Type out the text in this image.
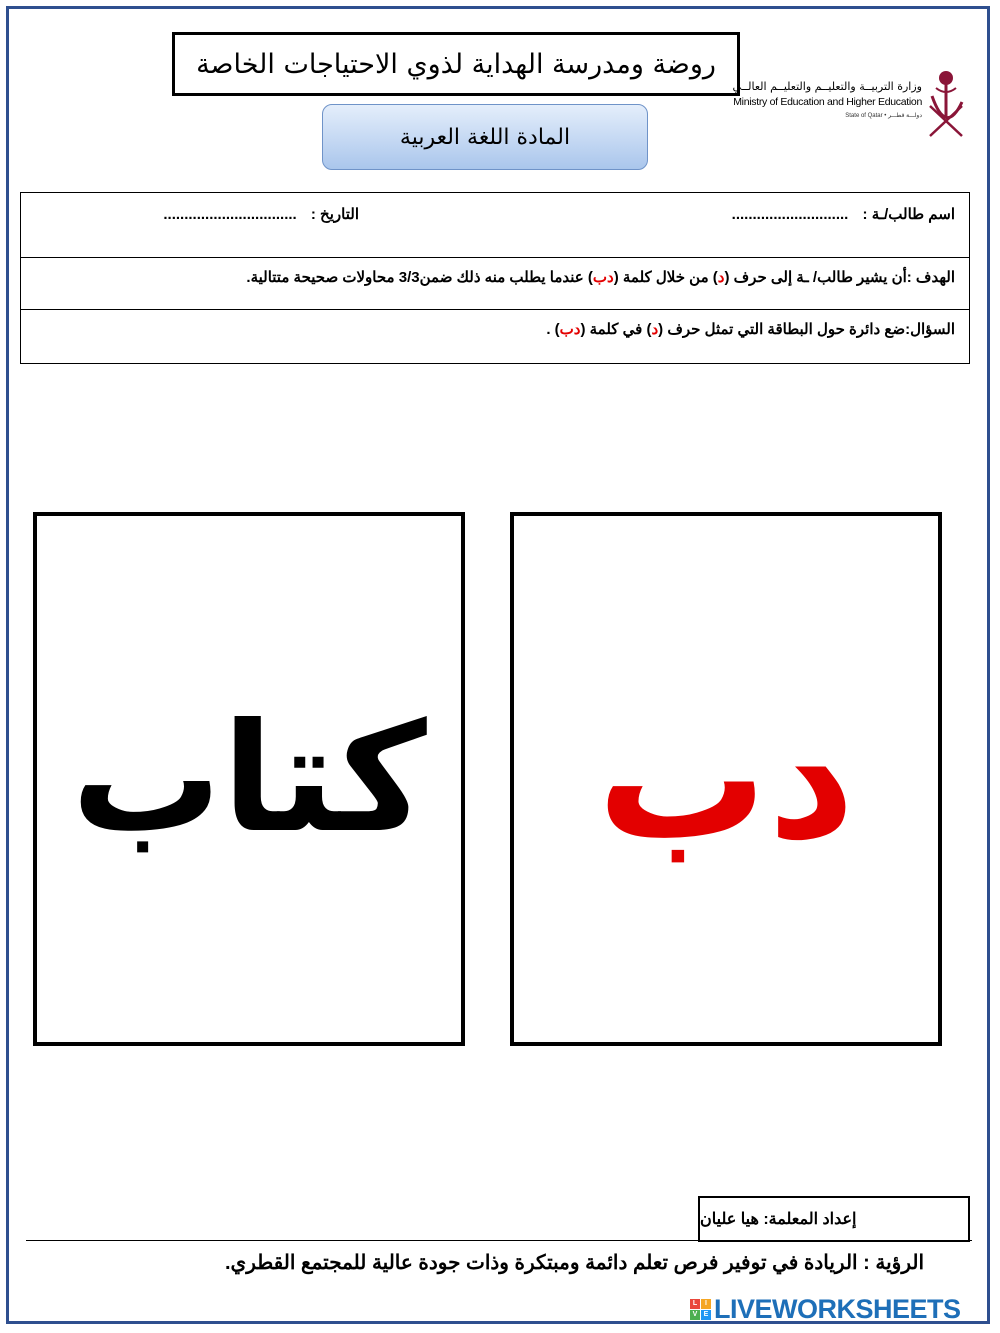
روضة ومدرسة الهداية لذوي الاحتياجات الخاصة
المادة اللغة العربية
وزارة التربيــة والتعليــم والتعليــم العالــي
Ministry of Education and Higher Education
State of Qatar • دولـــة قطـــر
اسم طالب/ـة : ............................
التاريخ : ................................
الهدف :أن يشير طالب/ ـة إلى حرف (د) من خلال كلمة (دب) عندما يطلب منه ذلك ضمن3/3 محاولات صحيحة متتالية.
السؤال:ضع دائرة حول البطاقة التي تمثل حرف (د) في كلمة (دب) .
كتاب دب
إعداد المعلمة: هيا عليان
الرؤية : الريادة في توفير فرص تعلم دائمة ومبتكرة وذات جودة عالية للمجتمع القطري.
L	I
V E LIVEWORKSHEETS
